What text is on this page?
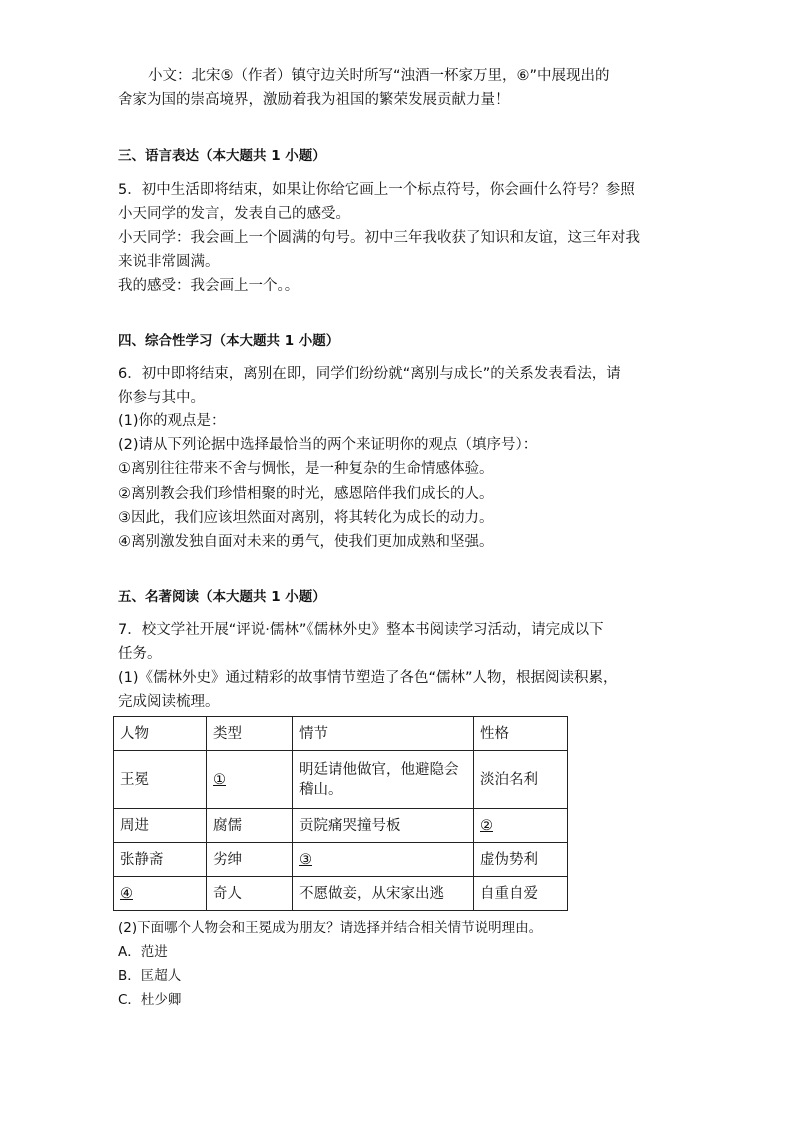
小文：北宋⑤（作者）镇守边关时所写“浊酒一杯家万里，⑥”中展现出的
舍家为国的崇高境界，激励着我为祖国的繁荣发展贡献力量！
三、语言表达（本大题共 1 小题）
5．初中生活即将结束，如果让你给它画上一个标点符号，你会画什么符号？参照
小天同学的发言，发表自己的感受。
小天同学：我会画上一个圆满的句号。初中三年我收获了知识和友谊，这三年对我
来说非常圆满。
我的感受：我会画上一个。。
四、综合性学习（本大题共 1 小题）
6．初中即将结束，离别在即，同学们纷纷就“离别与成长”的关系发表看法，请
你参与其中。
(1)你的观点是：
(2)请从下列论据中选择最恰当的两个来证明你的观点（填序号）：
①离别往往带来不舍与惆怅，是一种复杂的生命情感体验。
②离别教会我们珍惜相聚的时光，感恩陪伴我们成长的人。
③因此，我们应该坦然面对离别，将其转化为成长的动力。
④离别激发独自面对未来的勇气，使我们更加成熟和坚强。
五、名著阅读（本大题共 1 小题）
7．校文学社开展“评说·儒林”《儒林外史》整本书阅读学习活动，请完成以下
任务。
(1)《儒林外史》通过精彩的故事情节塑造了各色“儒林”人物，根据阅读积累，
完成阅读梳理。
人物	类型	情节	性格
王冕	①	明廷请他做官，他避隐会稽山。	淡泊名利
周进	腐儒	贡院痛哭撞号板	②
张静斋	劣绅	③	虚伪势利
④	奇人	不愿做妾，从宋家出逃	自重自爱
(2)下面哪个人物会和王冕成为朋友？请选择并结合相关情节说明理由。
A．范进
B．匡超人
C．杜少卿
